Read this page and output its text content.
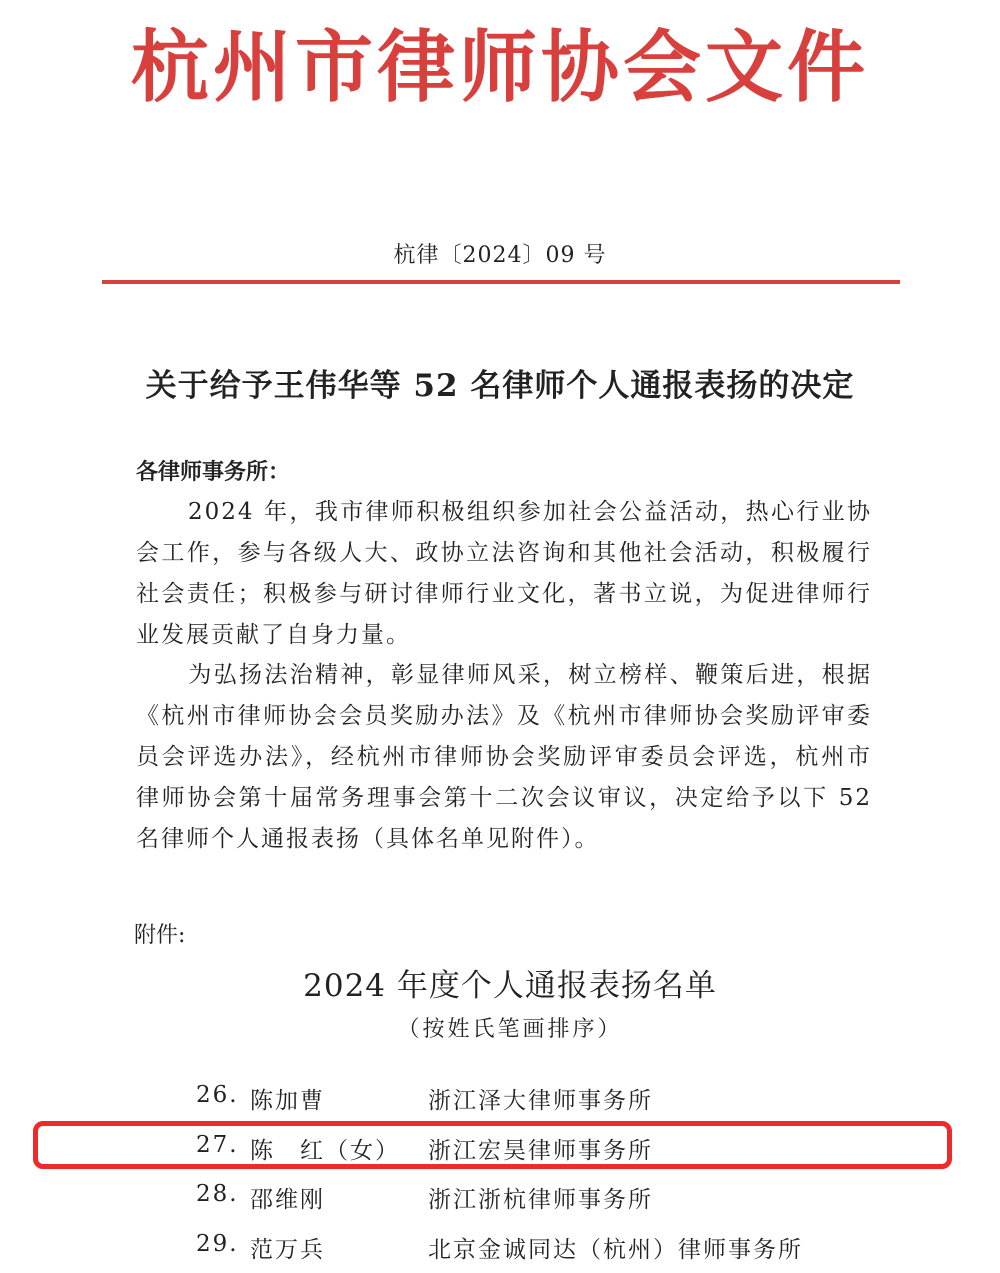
杭州市律师协会文件
杭律〔2024〕09 号
关于给予王伟华等 52 名律师个人通报表扬的决定
各律师事务所：
2024 年，我市律师积极组织参加社会公益活动，热心行业协会工作，参与各级人大、政协立法咨询和其他社会活动，积极履行社会责任；积极参与研讨律师行业文化，著书立说，为促进律师行业发展贡献了自身力量。
为弘扬法治精神，彰显律师风采，树立榜样、鞭策后进，根据《杭州市律师协会会员奖励办法》及《杭州市律师协会奖励评审委员会评选办法》，经杭州市律师协会奖励评审委员会评选，杭州市律师协会第十届常务理事会第十二次会议审议，决定给予以下 52 名律师个人通报表扬（具体名单见附件）。
附件:
2024 年度个人通报表扬名单
（按姓氏笔画排序）
26. 陈加曹	浙江泽大律师事务所
27. 陈　红（女） 浙江宏昊律师事务所
28. 邵维刚	浙江浙杭律师事务所
29. 范万兵	北京金诚同达（杭州）律师事务所
